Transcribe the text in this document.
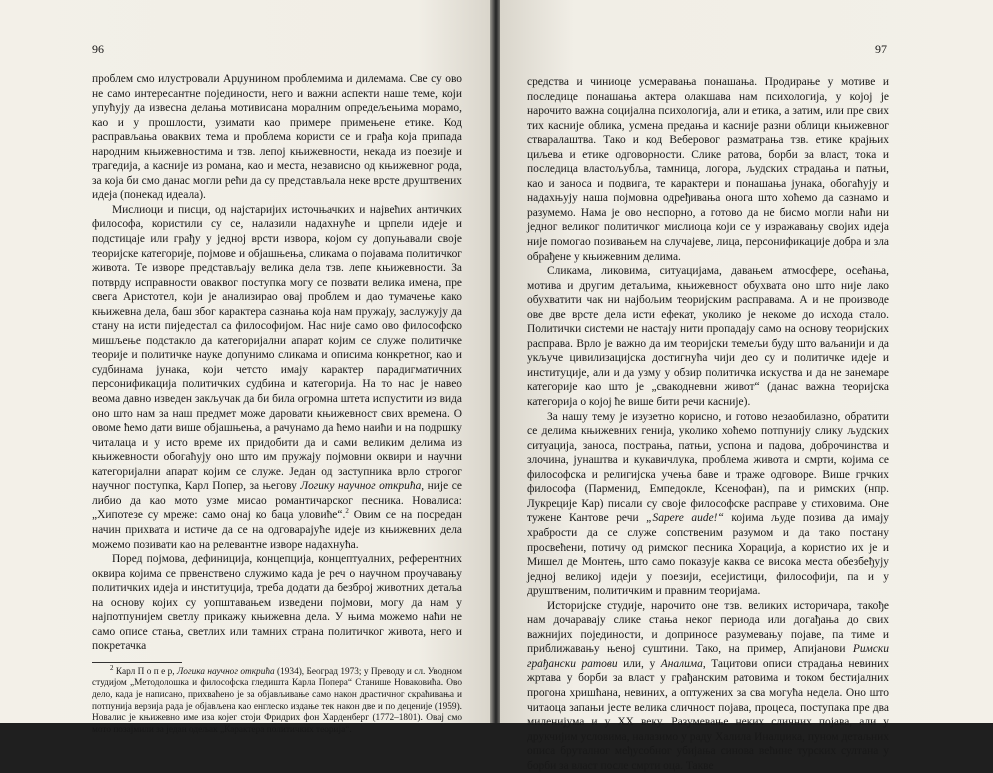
96

проблем смо илустровали Арџунином проблемима и дилемама. Све су ово не само интересантне појединости, него и важни аспекти наше теме, који упућују да извесна делања мотивисана моралним опредељењима морамо, као и у прошлости, узимати као примере примењене етике. Код расправљања оваквих тема и проблема користи се и грађа која припада народним књижевностима и тзв. лепој књижевности, некада из поезије и трагедија, а касније из романа, као и места, независно од књижевног рода, за која би смо данас могли рећи да су представљала неке врсте друштвених идеја (понекад идеала).

Мислиоци и писци, од најстаријих источњачких и највећих античких философа, користили су се, налазили надахнуће и црпели идеје и подстицаје или грађу у једној врсти извора, којом су допуњавали своје теоријске категорије, појмове и објашњења, сликама о појавама политичког живота. Те изворе представљају велика дела тзв. лепе књижевности. За потврду исправности оваквог поступка могу се позвати велика имена, пре свега Аристотел, који је анализирао овај проблем и дао тумачење како књижевна дела, баш због карактера сазнања која нам пружају, заслужују да стану на исти пиједестал са философијом. Нас није само ово философско мишљење подстакло да категоријални апарат којим се служе политичке теорије и политичке науке допунимо сликама и описима конкретног, као и судбинама јунака, који четсто имају карактер парадигматичних персонификација политичких судбина и категорија. На то нас је навео веома давно изведен закључак да би била огромна штета испустити из вида оно што нам за наш предмет може даровати књижевност свих времена. О овоме ћемо дати више објашњења, а рачунамо да ћемо наићи и на подршку читалаца и у исто време их придобити да и сами великим делима из књижевности обогаћују оно што им пружају појмовни оквири и научни категоријални апарат којим се служе. Један од заступника врло строгог научног поступка, Карл Попер, за његову Логику научног открића, није се либио да као мото узме мисао романтичарског песника. Новалиса: „Хипотезе су мреже: само онај ко баца уловиће“.$^2$ Овим се на посредан начин прихвата и истиче да се на одговарајуће идеје из књижевних дела можемо позивати као на релевантне изворе надахнућа.

Поред појмова, дефиниција, концепција, концептуалних, референтних оквира којима се првенствено служимо када је реч о научном проучавању политичких идеја и институција, треба додати да безброј животних детаља на основу којих су уопштавањем изведени појмови, могу да нам у најпотпунијем светлу прикажу књижевна дела. У њима можемо наћи не само описе стања, светлих или тамних страна политичког живота, него и покретачка

$^2$ Карл П о п е р, Логика научног открића (1934), Београд 1973; у Преводу и сл. Уводном студијом „Методолошка и философска гледишта Карла Попера“ Станише Новаковића. Ово дело, када је написано, прихваћено је за објављивање само након драстичног скраћивања и потпунија верзија рада је објављена као енглеско издање тек након две и по деценије (1959). Новалис је књижевно име иза којег стоји Фридрих фон Харденберг (1772–1801). Овај смо мото позајмили за један одељак „Карактера политичких теорија“.

97

средства и чиниоце усмеравања понашања. Продирање у мотиве и последице понашања актера олакшава нам психологија, у којој је нарочито важна социјална психологија, али и етика, а затим, или пре свих тих касније облика, усмена предања и касније разни облици књижевног стваралаштва. Тако и код Веберовог разматрања тзв. етике крајњих циљева и етике одговорности. Слике ратова, борби за власт, тока и последица властољубља, тамница, логора, људских страдања и патњи, као и заноса и подвига, те карактери и понашања јунака, обогаћују и надахњују наша појмовна одређивања онога што хоћемо да сазнамо и разумемо. Нама је ово неспорно, а готово да не бисмо могли наћи ни једног великог политичког мислиоца који се у изражавању својих идеја није помогао позивањем на случајеве, лица, персонификације добра и зла обрађене у књижевним делима.

Сликама, ликовима, ситуацијама, давањем атмосфере, осећања, мотива и другим детаљима, књижевност обухвата оно што није лако обухватити чак ни најбољим теоријским расправама. А и не производе ове две врсте дела исти ефекат, уколико је некоме до исхода стало. Политички системи не настају нити пропадају само на основу теоријских расправа. Врло је важно да им теоријски темељи буду што ваљанији и да укључе цивилизацијска достигнућа чији део су и политичке идеје и институције, али и да узму у обзир политичка искуства и да не занемаре категорије као што је „свакодневни живот“ (данас важна теоријска категорија о којој ће више бити речи касније).

За нашу тему је изузетно корисно, и готово незаобилазно, обратити се делима књижевних генија, уколико хоћемо потпунију слику људских ситуација, заноса, пострања, патњи, успона и падова, доброчинства и злочина, јунаштва и кукавичлука, проблема живота и смрти, којима се философска и религијска учења баве и траже одговоре. Више грчких философа (Парменид, Емпедокле, Ксенофан), па и римских (нпр. Лукреције Кар) писали су своје философске расправе у стиховима. Оне тужене Кантове речи „Sapere aude!“ којима људе позива да имају храбрости да се служе сопственим разумом и да тако постану просвећени, потичу од римског песника Хорација, а користио их је и Мишел де Монтењ, што само показује каква се висока места обезбеђују једној великој идеји у поезији, есејистици, философији, па и у друштвеним, политичким и правним теоријама.

Историјске студије, нарочито оне тзв. великих историчара, такође нам дочаравају слике стања неког периода или догађања до свих важнијих појединости, и доприносе разумевању појаве, па тиме и приближавању њеној суштини. Тако, на пример, Апијанови Римски грађански ратови или, у Аналима, Тацитови описи страдања невиних жртава у борби за власт у грађанским ратовима и током бестијалних прогона хришћана, невиних, а оптужених за сва могућа недела. Оно што читаоца запањи јесте велика сличност појава, процеса, поступака пре два миленијума и у XX веку. Разумевање неких сличних појава, али у друкчијим условима, налазимо у раду Халила Иналџика, пуном детаљних описа бруталног међусобног убијања синова већине турских султана у борби за власт после смрти оца. Такве
